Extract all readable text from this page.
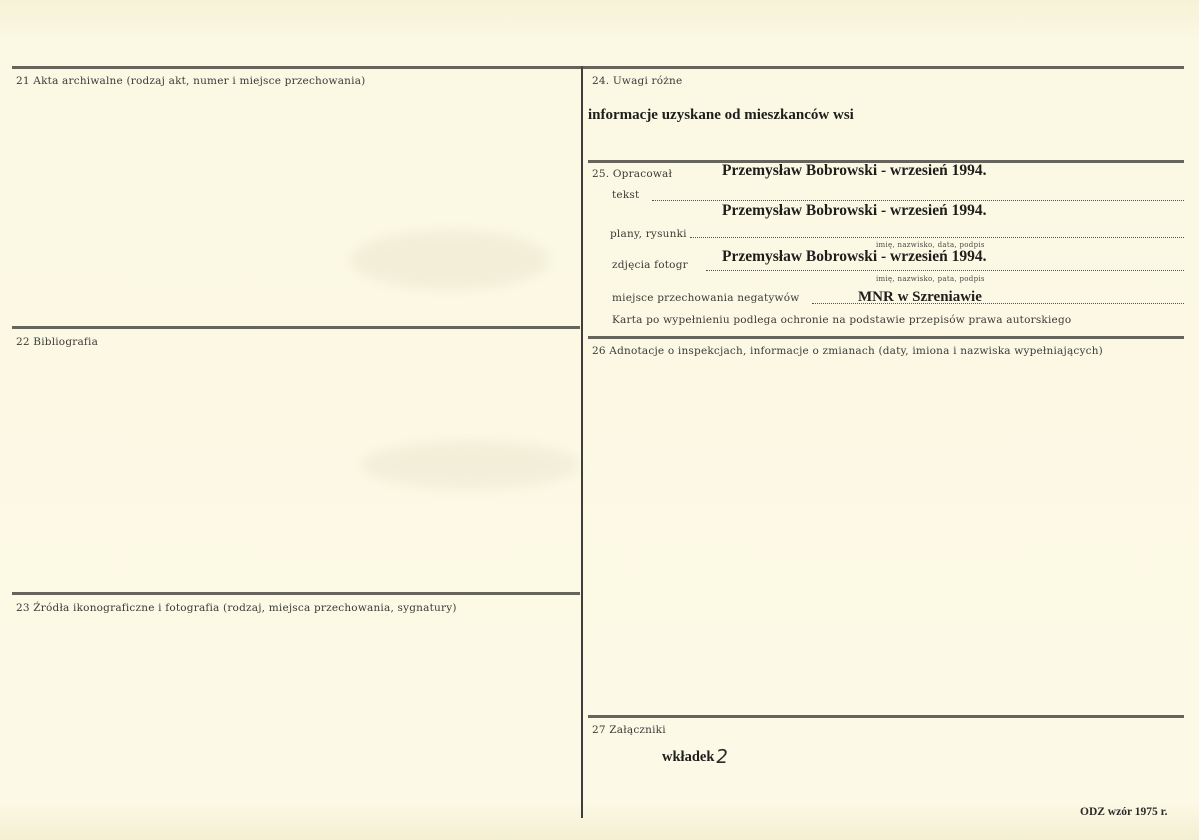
21 Akta archiwalne (rodzaj akt, numer i miejsce przechowania)
22 Bibliografia
23 Źródła ikonograficzne i fotografia (rodzaj, miejsca przechowania, sygnatury)
24. Uwagi różne
informacje uzyskane od mieszkanców wsi
25. Opracował	Przemysław Bobrowski - wrzesień 1994.
tekst
Przemysław Bobrowski - wrzesień 1994.
plany, rysunki
imię, nazwisko, data, podpis
Przemysław Bobrowski - wrzesień 1994.
zdjęcia fotogr
imię, nazwisko, pata, podpis
miejsce przechowania negatywów	MNR w Szreniawie
Karta po wypełnieniu podlega ochronie na podstawie przepisów prawa autorskiego
26 Adnotacje o inspekcjach, informacje o zmianach (daty, imiona i nazwiska wypełniających)
27 Załączniki
wkładek 2
ODZ wzór 1975 r.
